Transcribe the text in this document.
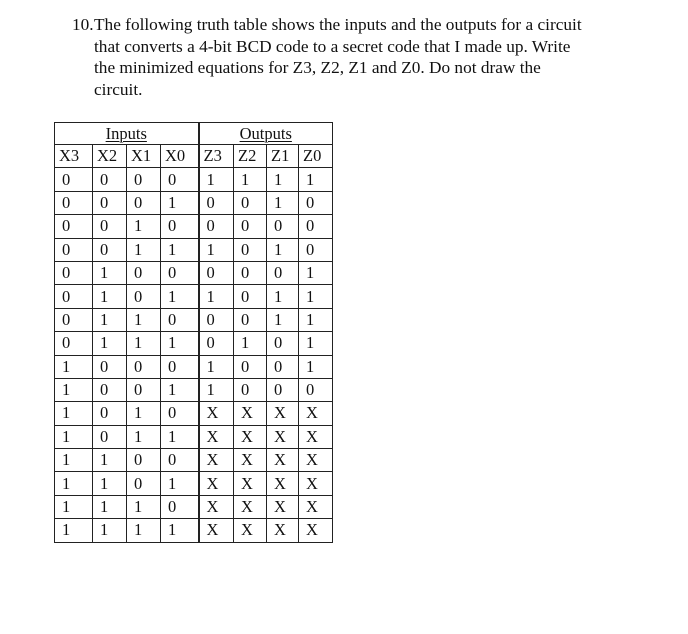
10. The following truth table shows the inputs and the outputs for a circuit
that converts a 4-bit BCD code to a secret code that I made up. Write
the minimized equations for Z3, Z2, Z1 and Z0. Do not draw the
circuit.
Inputs				Outputs			
X3	X2	X1	X0	Z3	Z2	Z1	Z0
0	0	0	0	1	1	1	1
0	0	0	1	0	0	1	0
0	0	1	0	0	0	0	0
0	0	1	1	1	0	1	0
0	1	0	0	0	0	0	1
0	1	0	1	1	0	1	1
0	1	1	0	0	0	1	1
0	1	1	1	0	1	0	1
1	0	0	0	1	0	0	1
1	0	0	1	1	0	0	0
1	0	1	0	X	X	X	X
1	0	1	1	X	X	X	X
1	1	0	0	X	X	X	X
1	1	0	1	X	X	X	X
1	1	1	0	X	X	X	X
1	1	1	1	X	X	X	X
